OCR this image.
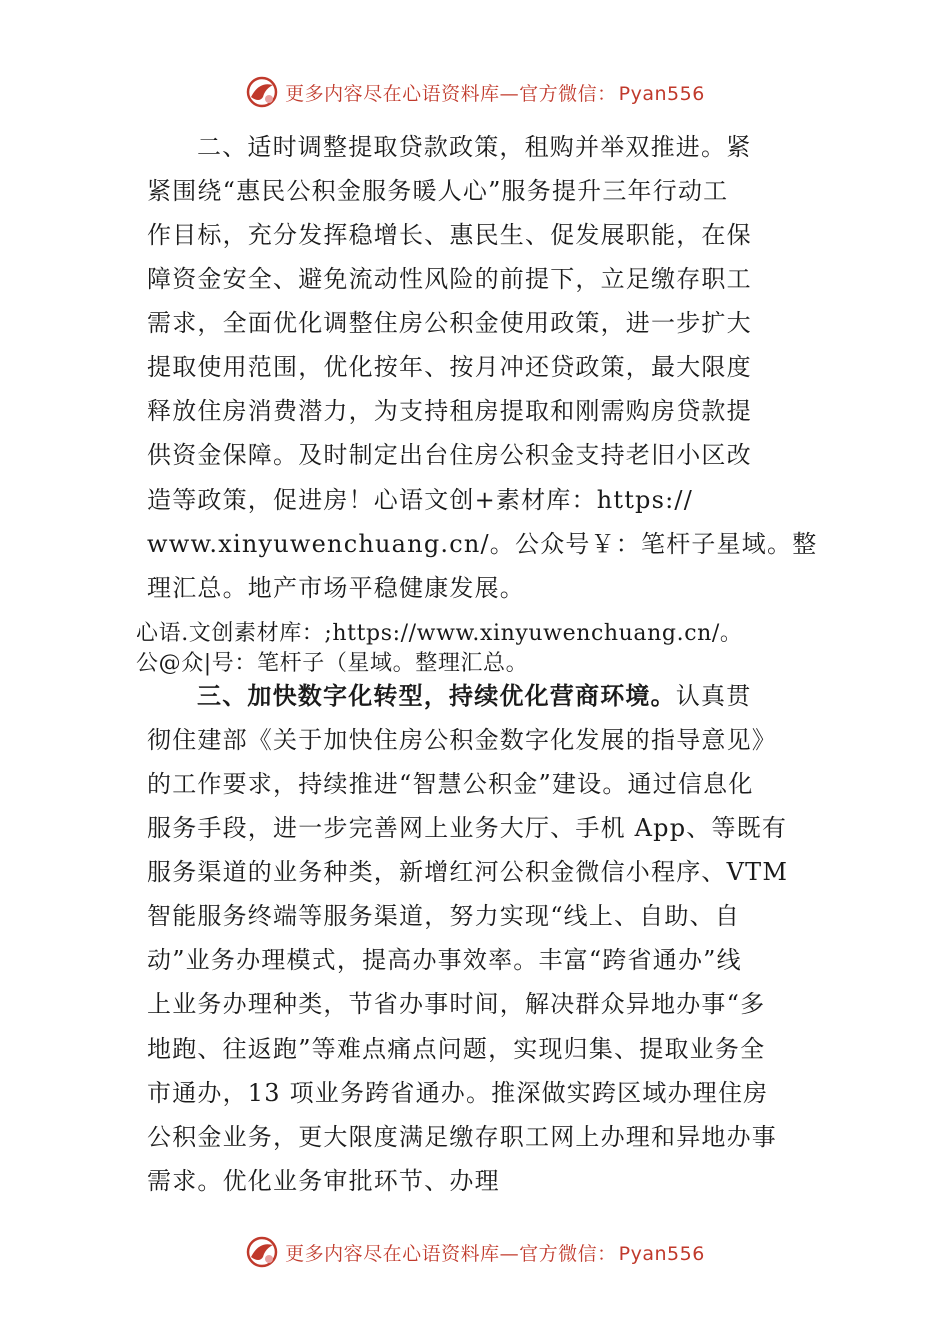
更多内容尽在心语资料库—官方微信： Pyan556
二、适时调整提取贷款政策，租购并举双推进。紧
紧围绕“惠民公积金服务暖人心”服务提升三年行动工
作目标，充分发挥稳增长、惠民生、促发展职能，在保
障资金安全、避免流动性风险的前提下，立足缴存职工
需求，全面优化调整住房公积金使用政策，进一步扩大
提取使用范围，优化按年、按月冲还贷政策，最大限度
释放住房消费潜力，为支持租房提取和刚需购房贷款提
供资金保障。及时制定出台住房公积金支持老旧小区改
造等政策，促进房！心语文创+素材库：https://
www.xinyuwenchuang.cn/。公众号￥：笔杆子星域。整
理汇总。地产市场平稳健康发展。
心语.文创素材库：;https://www.xinyuwenchuang.cn/。
公@众|号：笔杆子（星域。整理汇总。
三、加快数字化转型，持续优化营商环境。认真贯
彻住建部《关于加快住房公积金数字化发展的指导意见》
的工作要求，持续推进“智慧公积金”建设。通过信息化
服务手段，进一步完善网上业务大厅、手机 App、等既有
服务渠道的业务种类，新增红河公积金微信小程序、VTM
智能服务终端等服务渠道，努力实现“线上、自助、自
动”业务办理模式，提高办事效率。丰富“跨省通办”线
上业务办理种类，节省办事时间，解决群众异地办事“多
地跑、往返跑”等难点痛点问题，实现归集、提取业务全
市通办，13 项业务跨省通办。推深做实跨区域办理住房
公积金业务，更大限度满足缴存职工网上办理和异地办事
需求。优化业务审批环节、办理
更多内容尽在心语资料库—官方微信： Pyan556
